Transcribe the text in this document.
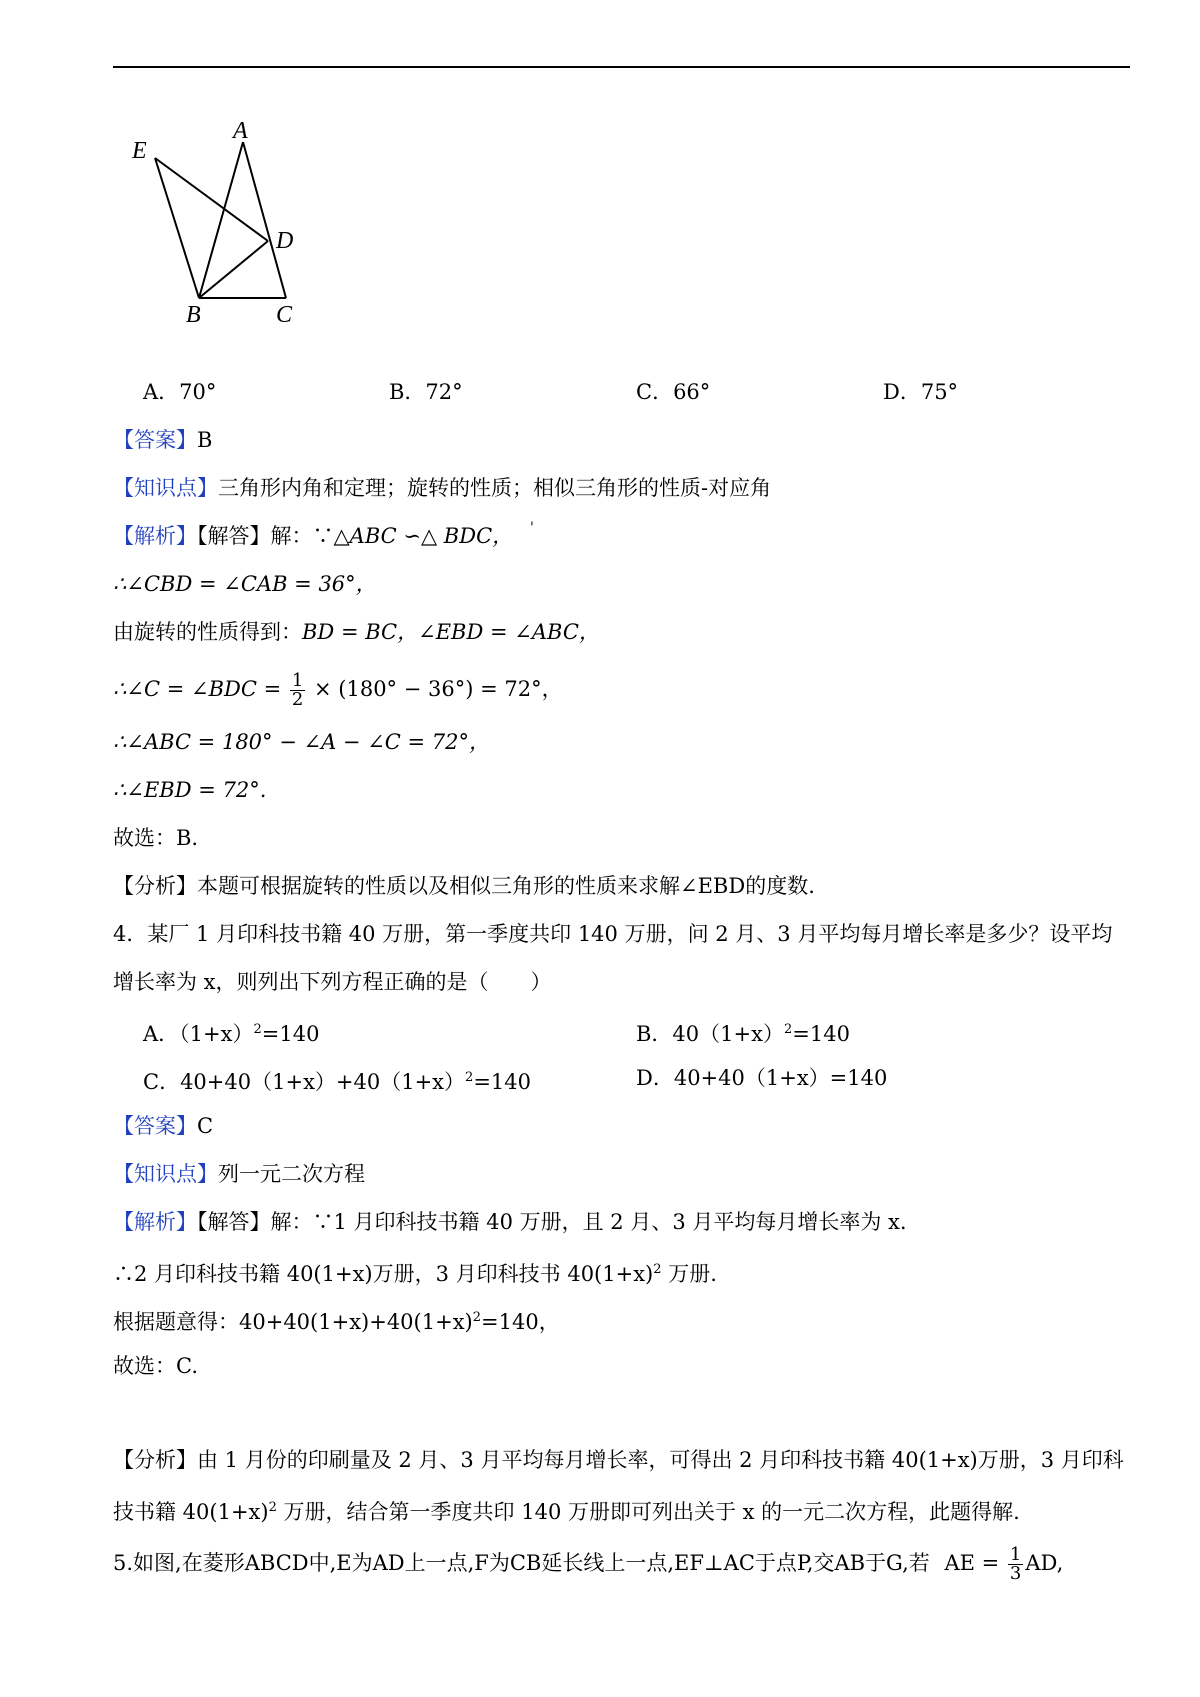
E
A
D
B	C
A．70°	B．72°	C．66°	D．75°
【答案】B
【知识点】三角形内角和定理；旋转的性质；相似三角形的性质-对应角
【解析】【解答】解：∵△ABC ∽△ BDC， '
∴∠CBD = ∠CAB = 36°，
由旋转的性质得到：BD = BC，∠EBD = ∠ABC，
∴∠C = ∠BDC = $\frac{1}{2} \times (180^\circ - 36^\circ) = 72^\circ$，
∴∠ABC = 180° − ∠A − ∠C = 72°，
∴∠EBD = 72°.
故选：B.
【分析】本题可根据旋转的性质以及相似三角形的性质来求解∠EBD的度数.
4．某厂 1 月印科技书籍 40 万册，第一季度共印 140 万册，问 2 月、3 月平均每月增长率是多少？设平均
增长率为 x，则列出下列方程正确的是（　　）
A．$(1+x)^2=140$	B．$40(1+x)^2=140$
C．$40+40(1+x)+40(1+x)^2=140$	D．40+40（1+x）=140
【答案】C
【知识点】列一元二次方程
【解析】【解答】解：∵1 月印科技书籍 40 万册，且 2 月、3 月平均每月增长率为 x.
∴2 月印科技书籍 40(1+x)万册，3 月印科技书 $40(1+x)^2$ 万册.
根据题意得：$40+40(1+x)+40(1+x)^2=140$，
故选：C.
【分析】由 1 月份的印刷量及 2 月、3 月平均每月增长率，可得出 2 月印科技书籍 40(1+x)万册，3 月印科
技书籍 $40(1+x)^2$ 万册，结合第一季度共印 140 万册即可列出关于 x 的一元二次方程，此题得解.
5.如图,在菱形ABCD中,E为AD上一点,F为CB延长线上一点,EF⊥AC于点P,交AB于G,若 AE = $\frac{1}{3}$ AD,
